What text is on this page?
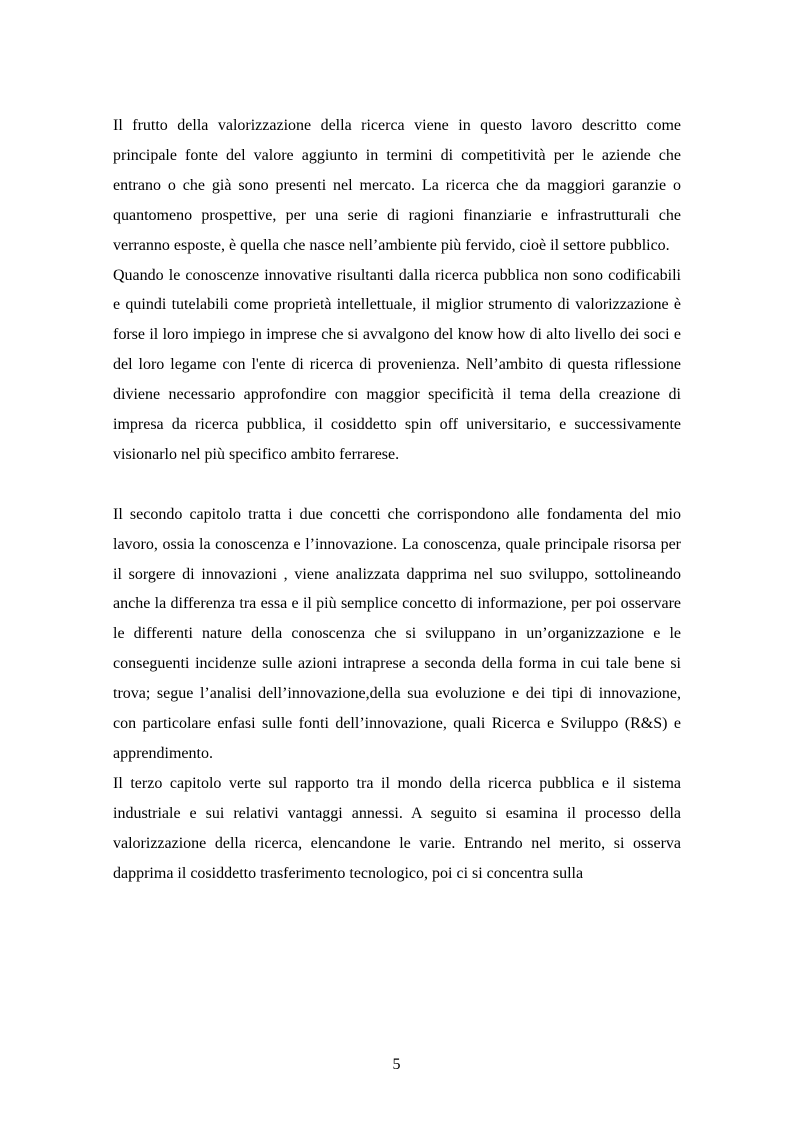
Il frutto della valorizzazione della ricerca viene in questo lavoro descritto come principale fonte del valore aggiunto in termini di competitività per le aziende che entrano o che già sono presenti nel mercato. La ricerca che da maggiori garanzie o quantomeno prospettive, per una serie di ragioni finanziarie e infrastrutturali che verranno esposte, è quella che nasce nell’ambiente più fervido, cioè il settore pubblico.

Quando le conoscenze innovative risultanti dalla ricerca pubblica non sono codificabili e quindi tutelabili come proprietà intellettuale, il miglior strumento di valorizzazione è forse il loro impiego in imprese che si avvalgono del know how di alto livello dei soci e del loro legame con l'ente di ricerca di provenienza. Nell’ambito di questa riflessione diviene necessario approfondire con maggior specificità il tema della creazione di impresa da ricerca pubblica, il cosiddetto spin off universitario, e successivamente visionarlo nel più specifico ambito ferrarese.

Il secondo capitolo tratta i due concetti che corrispondono alle fondamenta del mio lavoro, ossia la conoscenza e l’innovazione. La conoscenza, quale principale risorsa per il sorgere di innovazioni , viene analizzata dapprima nel suo sviluppo, sottolineando anche la differenza tra essa e il più semplice concetto di informazione, per poi osservare le differenti nature della conoscenza che si sviluppano in un’organizzazione e le conseguenti incidenze sulle azioni intraprese a seconda della forma in cui tale bene si trova; segue l’analisi dell’innovazione,della sua evoluzione e dei tipi di innovazione, con particolare enfasi sulle fonti dell’innovazione, quali Ricerca e Sviluppo (R&S) e apprendimento.

Il terzo capitolo verte sul rapporto tra il mondo della ricerca pubblica e il sistema industriale e sui relativi vantaggi annessi. A seguito si esamina il processo della valorizzazione della ricerca, elencandone le varie. Entrando nel merito, si osserva dapprima il cosiddetto trasferimento tecnologico, poi ci si concentra sulla

5
